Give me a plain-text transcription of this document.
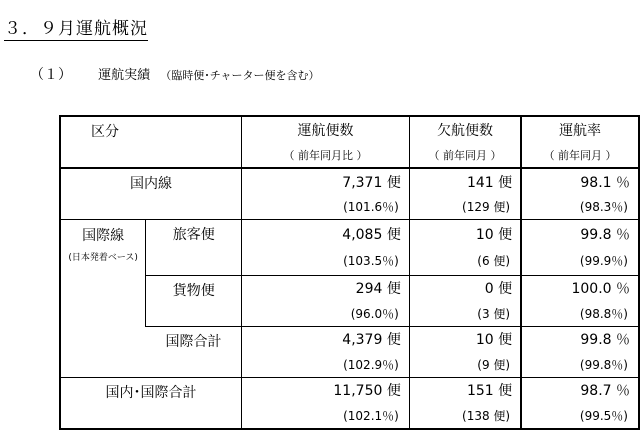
３．９月運航概況
（１） 運航実績 （臨時便･チャーター便を含む）
区分		運航便数	欠航便数	運航率
		（ 前年同月比 ）	（ 前年同月 ）	（ 前年同月 ）
国内線		7,371 便	141 便	98.1 ％
		(101.6％)	(129 便)	(98.3％)
国際線	旅客便	4,085 便	10 便	99.8 ％
(日本発着ベース)		(103.5％)	(6 便)	(99.9％)
	貨物便	294 便	0 便	100.0 ％
		(96.0％)	(3 便)	(98.8％)
	国際合計	4,379 便	10 便	99.8 ％
		(102.9％)	(9 便)	(99.8％)
国内･国際合計		11,750 便	151 便	98.7 ％
		(102.1％)	(138 便)	(99.5％)
